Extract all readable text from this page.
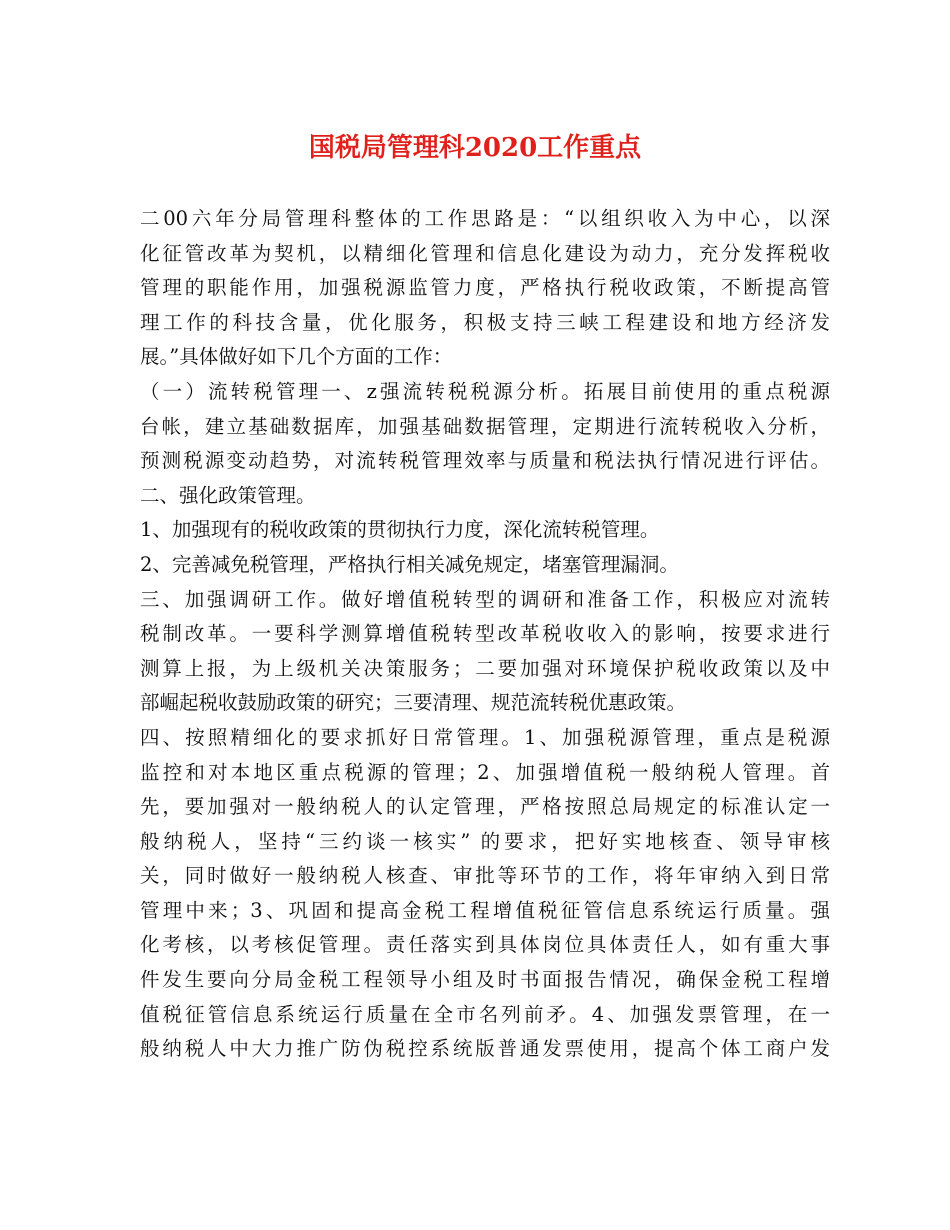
国税局管理科2020工作重点
二00六年分局管理科整体的工作思路是：“以组织收入为中心，以深
化征管改革为契机，以精细化管理和信息化建设为动力，充分发挥税收
管理的职能作用，加强税源监管力度，严格执行税收政策，不断提高管
理工作的科技含量，优化服务，积极支持三峡工程建设和地方经济发
展。”具体做好如下几个方面的工作：
（一）流转税管理一、z强流转税税源分析。拓展目前使用的重点税源
台帐，建立基础数据库，加强基础数据管理，定期进行流转税收入分析，
预测税源变动趋势，对流转税管理效率与质量和税法执行情况进行评估。
二、强化政策管理。
1、加强现有的税收政策的贯彻执行力度，深化流转税管理。
2、完善减免税管理，严格执行相关减免规定，堵塞管理漏洞。
三、加强调研工作。做好增值税转型的调研和准备工作，积极应对流转
税制改革。一要科学测算增值税转型改革税收收入的影响，按要求进行
测算上报，为上级机关决策服务；二要加强对环境保护税收政策以及中
部崛起税收鼓励政策的研究；三要清理、规范流转税优惠政策。
四、按照精细化的要求抓好日常管理。1、加强税源管理，重点是税源
监控和对本地区重点税源的管理；2、加强增值税一般纳税人管理。首
先，要加强对一般纳税人的认定管理，严格按照总局规定的标准认定一
般纳税人，坚持“三约谈一核实” 的要求，把好实地核查、领导审核
关，同时做好一般纳税人核查、审批等环节的工作，将年审纳入到日常
管理中来；3、巩固和提高金税工程增值税征管信息系统运行质量。强
化考核，以考核促管理。责任落实到具体岗位具体责任人，如有重大事
件发生要向分局金税工程领导小组及时书面报告情况，确保金税工程增
值税征管信息系统运行质量在全市名列前矛。4、加强发票管理，在一
般纳税人中大力推广防伪税控系统版普通发票使用，提高个体工商户发
